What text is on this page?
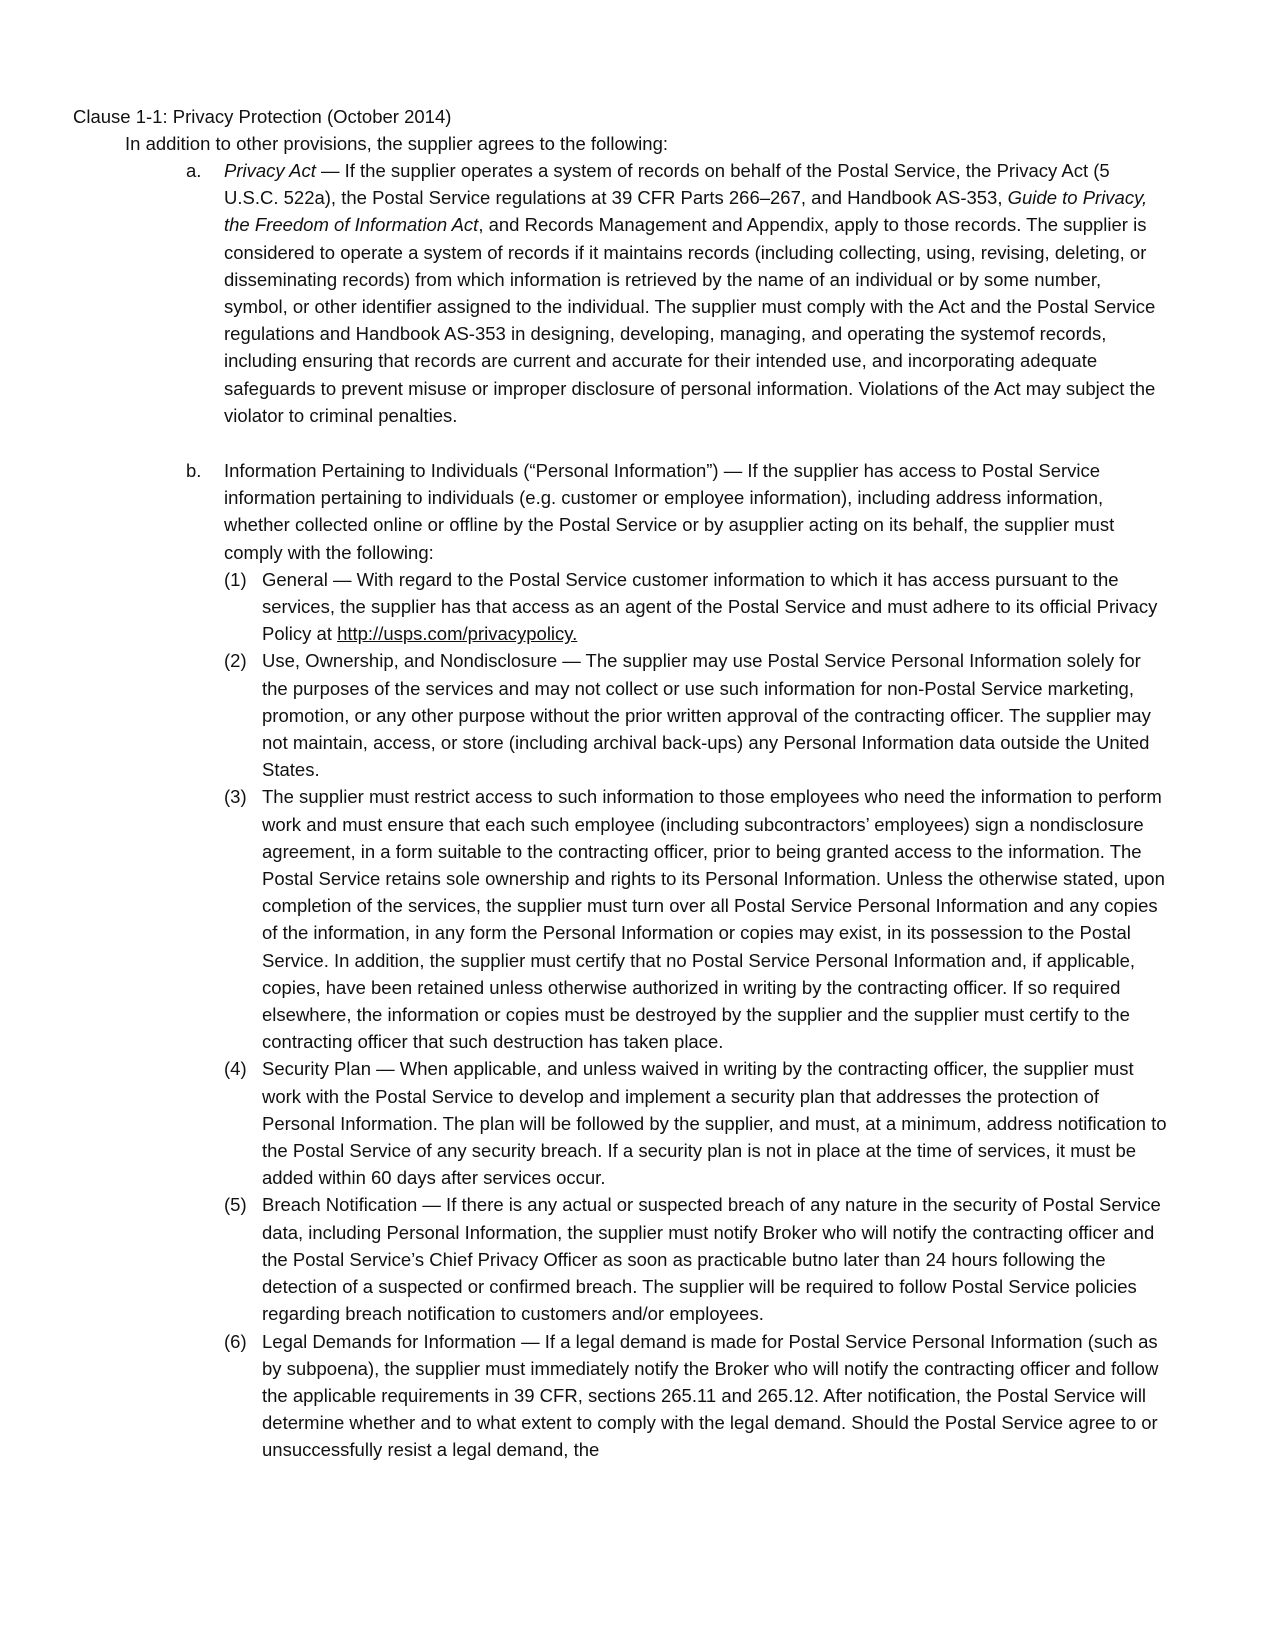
Clause 1-1: Privacy Protection (October 2014)
In addition to other provisions, the supplier agrees to the following:
a. Privacy Act — If the supplier operates a system of records on behalf of the Postal Service, the Privacy Act (5 U.S.C. 522a), the Postal Service regulations at 39 CFR Parts 266–267, and Handbook AS-353, Guide to Privacy, the Freedom of Information Act, and Records Management and Appendix, apply to those records. The supplier is considered to operate a system of records if it maintains records (including collecting, using, revising, deleting, or disseminating records) from which information is retrieved by the name of an individual or by some number, symbol, or other identifier assigned to the individual. The supplier must comply with the Act and the Postal Service regulations and Handbook AS-353 in designing, developing, managing, and operating the systemof records, including ensuring that records are current and accurate for their intended use, and incorporating adequate safeguards to prevent misuse or improper disclosure of personal information. Violations of the Act may subject the violator to criminal penalties.
b. Information Pertaining to Individuals (“Personal Information”) — If the supplier has access to Postal Service information pertaining to individuals (e.g. customer or employee information), including address information, whether collected online or offline by the Postal Service or by asupplier acting on its behalf, the supplier must comply with the following:
(1) General — With regard to the Postal Service customer information to which it has access pursuant to the services, the supplier has that access as an agent of the Postal Service and must adhere to its official Privacy Policy at http://usps.com/privacypolicy.
(2) Use, Ownership, and Nondisclosure — The supplier may use Postal Service Personal Information solely for the purposes of the services and may not collect or use such information for non-Postal Service marketing, promotion, or any other purpose without the prior written approval of the contracting officer. The supplier may not maintain, access, or store (including archival back-ups) any Personal Information data outside the United States.
(3) The supplier must restrict access to such information to those employees who need the information to perform work and must ensure that each such employee (including subcontractors’ employees) sign a nondisclosure agreement, in a form suitable to the contracting officer, prior to being granted access to the information. The Postal Service retains sole ownership and rights to its Personal Information. Unless the otherwise stated, upon completion of the services, the supplier must turn over all Postal Service Personal Information and any copies of the information, in any form the Personal Information or copies may exist, in its possession to the Postal Service. In addition, the supplier must certify that no Postal Service Personal Information and, if applicable, copies, have been retained unless otherwise authorized in writing by the contracting officer. If so required elsewhere, the information or copies must be destroyed by the supplier and the supplier must certify to the contracting officer that such destruction has taken place.
(4) Security Plan — When applicable, and unless waived in writing by the contracting officer, the supplier must work with the Postal Service to develop and implement a security plan that addresses the protection of Personal Information. The plan will be followed by the supplier, and must, at a minimum, address notification to the Postal Service of any security breach. If a security plan is not in place at the time of services, it must be added within 60 days after services occur.
(5) Breach Notification — If there is any actual or suspected breach of any nature in the security of Postal Service data, including Personal Information, the supplier must notify Broker who will notify the contracting officer and the Postal Service’s Chief Privacy Officer as soon as practicable butno later than 24 hours following the detection of a suspected or confirmed breach. The supplier will be required to follow Postal Service policies regarding breach notification to customers and/or employees.
(6) Legal Demands for Information — If a legal demand is made for Postal Service Personal Information (such as by subpoena), the supplier must immediately notify the Broker who will notify the contracting officer and follow the applicable requirements in 39 CFR, sections 265.11 and 265.12. After notification, the Postal Service will determine whether and to what extent to comply with the legal demand. Should the Postal Service agree to or unsuccessfully resist a legal demand, the
